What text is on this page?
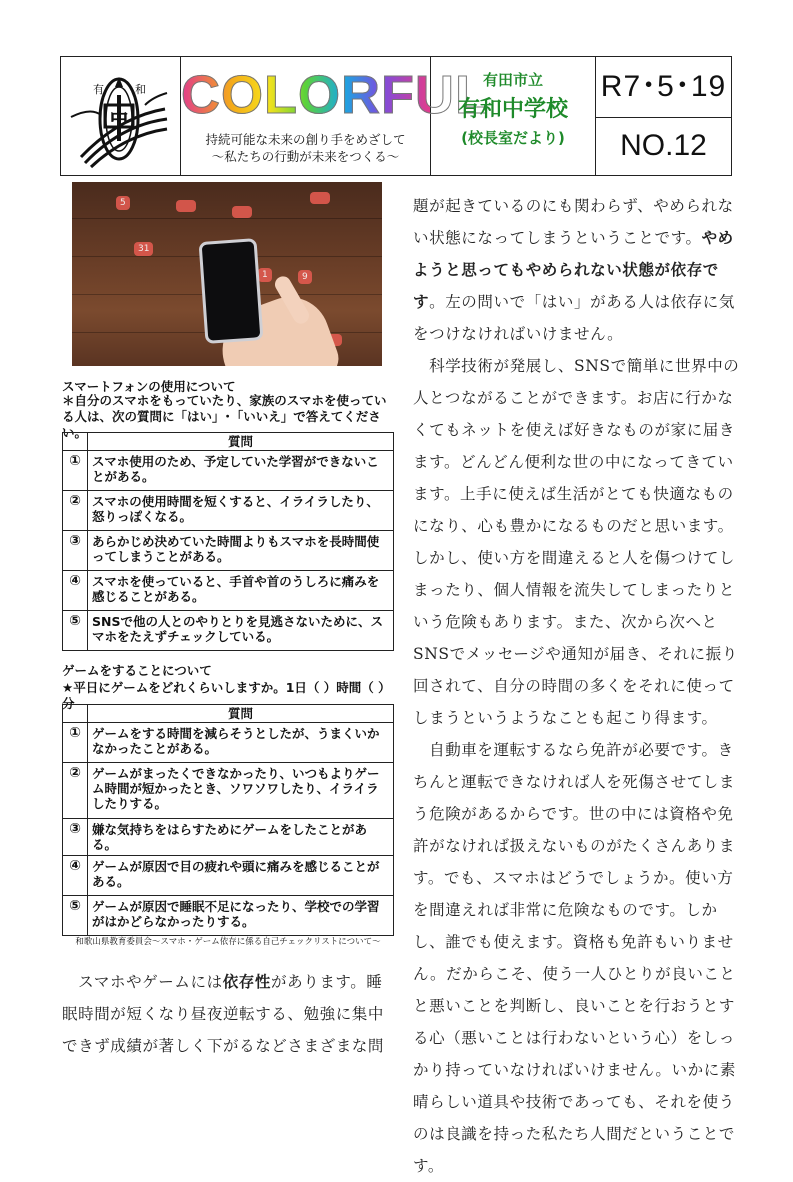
有	和
中 COLORFUL
持続可能な未来の創り手をめざして
～私たちの行動が未来をつくる～
有田市立
有和中学校
(校長室だより)
R7･5･19
NO.12
5
31
1	9
スマートフォンの使用について
＊自分のスマホをもっていたり、家族のスマホを使っている人は、次の質問に「はい」･「いいえ」で答えてください。
	質問
①	スマホ使用のため、予定していた学習ができないことがある。
②	スマホの使用時間を短くすると、イライラしたり、怒りっぽくなる。
③	あらかじめ決めていた時間よりもスマホを長時間使ってしまうことがある。
④	スマホを使っていると、手首や首のうしろに痛みを感じることがある。
⑤	SNSで他の人とのやりとりを見逃さないために、スマホをたえずチェックしている。
ゲームをすることについて
★平日にゲームをどれくらいしますか。1日（ ）時間（ ）分
	質問
①	ゲームをする時間を減らそうとしたが、うまくいかなかったことがある。
②	ゲームがまったくできなかったり、いつもよりゲーム時間が短かったとき、ソワソワしたり、イライラしたりする。
③	嫌な気持ちをはらすためにゲームをしたことがある。
④	ゲームが原因で目の疲れや頭に痛みを感じることがある。
⑤	ゲームが原因で睡眠不足になったり、学校での学習がはかどらなかったりする。
和歌山県教育委員会～スマホ・ゲーム依存に係る自己チェックリストについて～
　スマホやゲームには依存性があります。睡眠時間が短くなり昼夜逆転する、勉強に集中できず成績が著しく下がるなどさまざまな問

題が起きているのにも関わらず、やめられない状態になってしまうということです。やめようと思ってもやめられない状態が依存です。左の問いで「はい」がある人は依存に気をつけなければいけません。

　科学技術が発展し、SNSで簡単に世界中の人とつながることができます。お店に行かなくてもネットを使えば好きなものが家に届きます。どんどん便利な世の中になってきています。上手に使えば生活がとても快適なものになり、心も豊かになるものだと思います。しかし、使い方を間違えると人を傷つけてしまったり、個人情報を流失してしまったりという危険もあります。また、次から次へとSNSでメッセージや通知が届き、それに振り回されて、自分の時間の多くをそれに使ってしまうというようなことも起こり得ます。

　自動車を運転するなら免許が必要です。きちんと運転できなければ人を死傷させてしまう危険があるからです。世の中には資格や免許がなければ扱えないものがたくさんあります。でも、スマホはどうでしょうか。使い方を間違えれば非常に危険なものです。しかし、誰でも使えます。資格も免許もいりません。だからこそ、使う一人ひとりが良いことと悪いことを判断し、良いことを行おうとする心（悪いことは行わないという心）をしっかり持っていなければいけません。いかに素晴らしい道具や技術であっても、それを使うのは良識を持った私たち人間だということです。
